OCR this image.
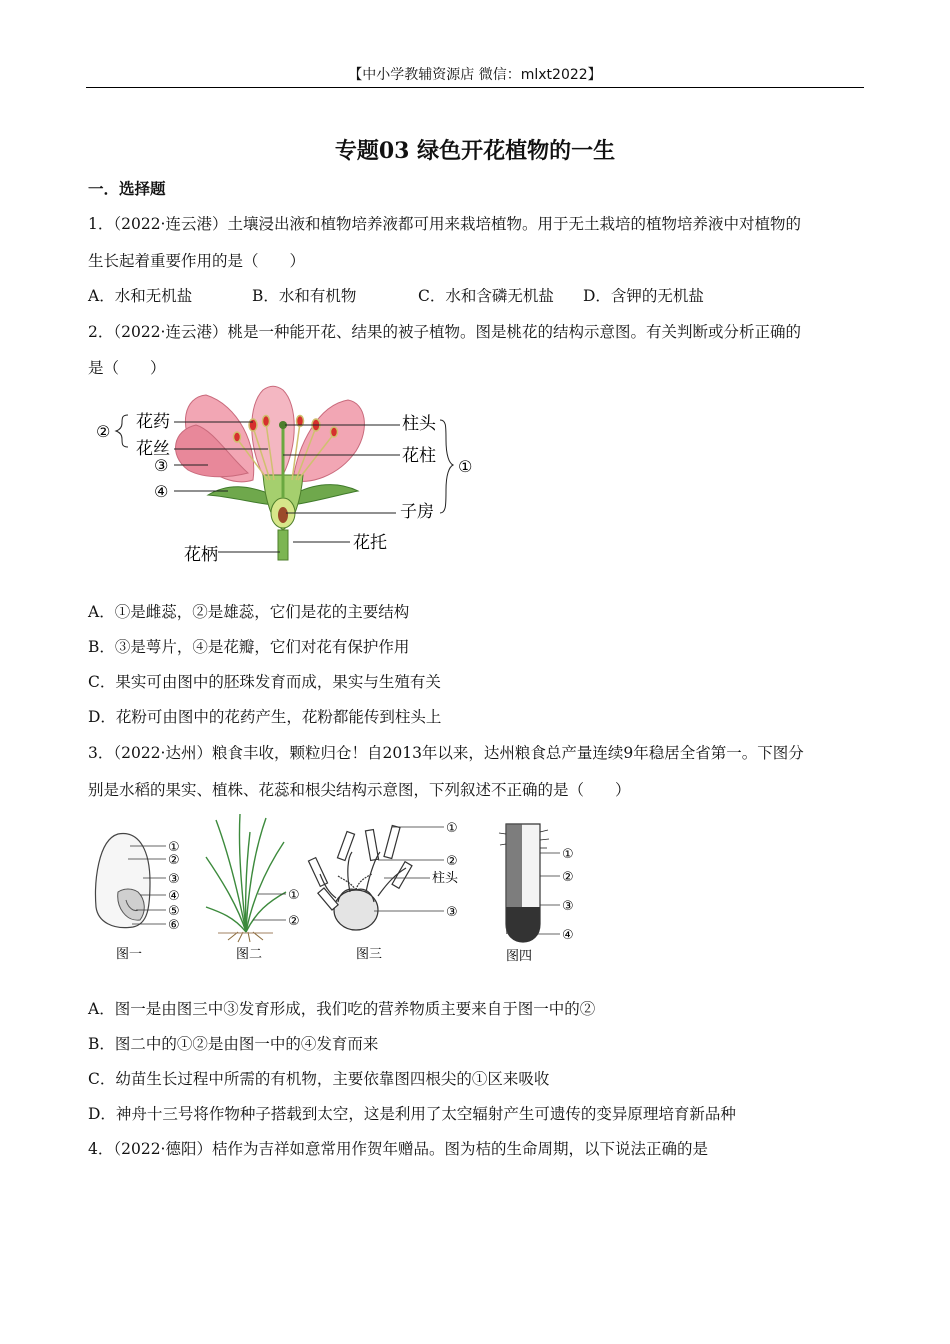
【中小学教辅资源店 微信：mlxt2022】
专题03 绿色开花植物的一生
一．选择题
1．（2022·连云港）土壤浸出液和植物培养液都可用来栽培植物。用于无土栽培的植物培养液中对植物的
生长起着重要作用的是（　　）
A．水和无机盐	B．水和有机物	C．水和含磷无机盐 D．含钾的无机盐
2．（2022·连云港）桃是一种能开花、结果的被子植物。图是桃花的结构示意图。有关判断或分析正确的
是（　　）
② 花药
花丝
③
④
柱头
花柱
①
子房
花托
花柄
A．①是雌蕊，②是雄蕊，它们是花的主要结构
B．③是萼片，④是花瓣，它们对花有保护作用
C．果实可由图中的胚珠发育而成，果实与生殖有关
D．花粉可由图中的花药产生，花粉都能传到柱头上
3．（2022·达州）粮食丰收，颗粒归仓！自2013年以来，达州粮食总产量连续9年稳居全省第一。下图分
别是水稻的果实、植株、花蕊和根尖结构示意图，下列叙述不正确的是（　　）
①
②
③
④
⑤
⑥
图一
①
②
图二
①
②
柱头
③
图三
①
②
③
④
图四
A．图一是由图三中③发育形成，我们吃的营养物质主要来自于图一中的②
B．图二中的①②是由图一中的④发育而来
C．幼苗生长过程中所需的有机物，主要依靠图四根尖的①区来吸收
D．神舟十三号将作物种子搭载到太空，这是利用了太空辐射产生可遗传的变异原理培育新品种
4．（2022·德阳）桔作为吉祥如意常用作贺年赠品。图为桔的生命周期，以下说法正确的是
